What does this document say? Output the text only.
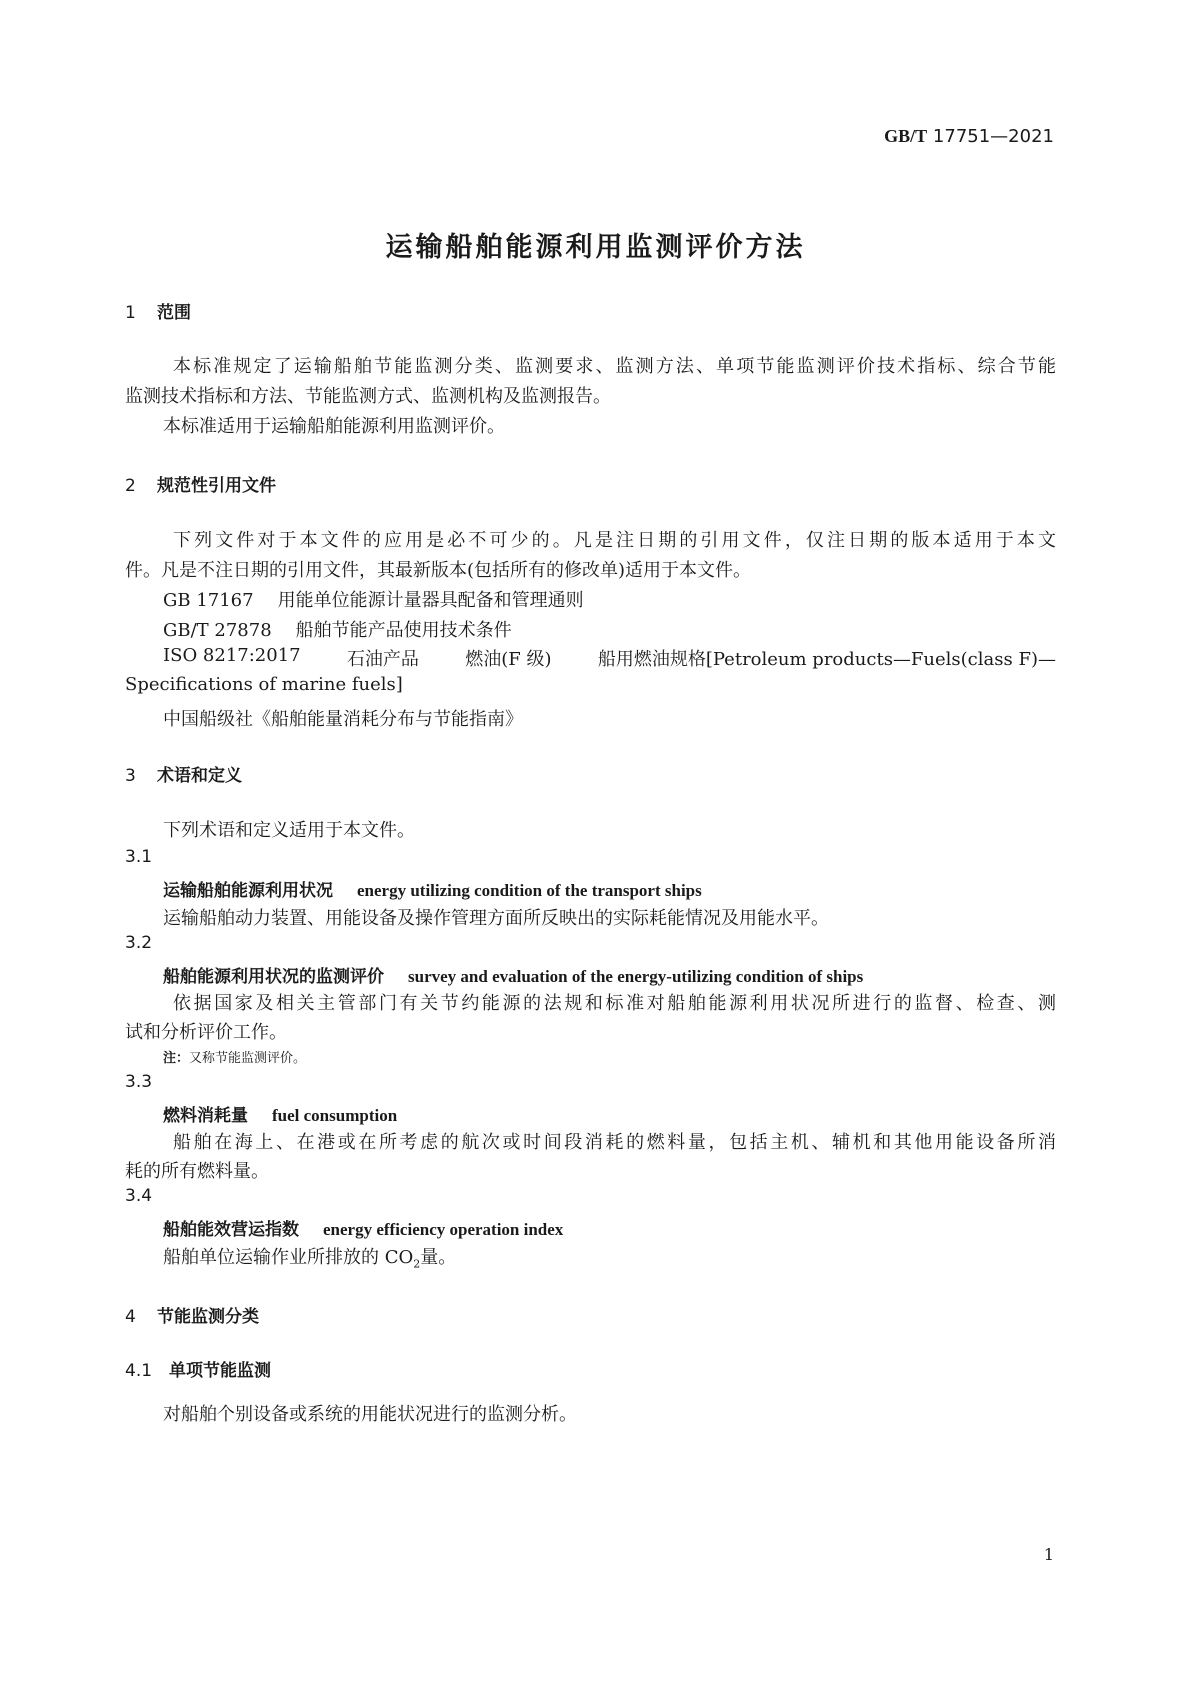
GB/T 17751—2021
运输船舶能源利用监测评价方法
1 范围
本标准规定了运输船舶节能监测分类、监测要求、监测方法、单项节能监测评价技术指标、综合节能
监测技术指标和方法、节能监测方式、监测机构及监测报告。
本标准适用于运输船舶能源利用监测评价。
2 规范性引用文件
下列文件对于本文件的应用是必不可少的。凡是注日期的引用文件，仅注日期的版本适用于本文
件。凡是不注日期的引用文件，其最新版本(包括所有的修改单)适用于本文件。
GB 17167 用能单位能源计量器具配备和管理通则
GB/T 27878 船舶节能产品使用技术条件
ISO 8217:2017	石油产品	燃油(F 级)	船用燃油规格[Petroleum products—Fuels(class F)—
Specifications of marine fuels]
中国船级社《船舶能量消耗分布与节能指南》
3 术语和定义
下列术语和定义适用于本文件。
3.1
运输船舶能源利用状况 energy utilizing condition of the transport ships
运输船舶动力装置、用能设备及操作管理方面所反映出的实际耗能情况及用能水平。
3.2
船舶能源利用状况的监测评价 survey and evaluation of the energy-utilizing condition of ships
依据国家及相关主管部门有关节约能源的法规和标准对船舶能源利用状况所进行的监督、检查、测
试和分析评价工作。
注：又称节能监测评价。
3.3
燃料消耗量 fuel consumption
船舶在海上、在港或在所考虑的航次或时间段消耗的燃料量，包括主机、辅机和其他用能设备所消
耗的所有燃料量。
3.4
船舶能效营运指数 energy efficiency operation index
船舶单位运输作业所排放的 $CO_2$量。
4 节能监测分类
4.1 单项节能监测
对船舶个别设备或系统的用能状况进行的监测分析。
1
